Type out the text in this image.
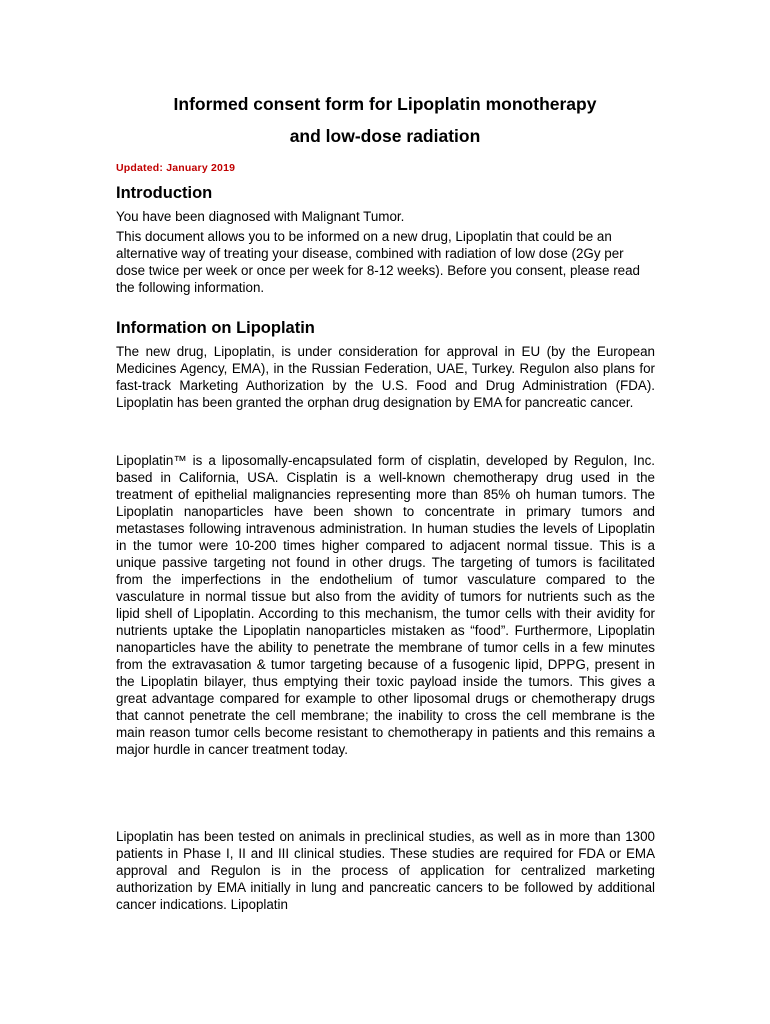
Informed consent form for Lipoplatin monotherapy
and low-dose radiation
Updated: January 2019
Introduction

You have been diagnosed with Malignant Tumor.

This document allows you to be informed on a new drug, Lipoplatin that could be an alternative way of treating your disease, combined with radiation of low dose (2Gy per dose twice per week or once per week for 8-12 weeks). Before you consent, please read the following information.

Information on Lipoplatin

The new drug, Lipoplatin, is under consideration for approval in EU (by the European Medicines Agency, EMA), in the Russian Federation, UAE, Turkey. Regulon also plans for fast-track Marketing Authorization by the U.S. Food and Drug Administration (FDA). Lipoplatin has been granted the orphan drug designation by EMA for pancreatic cancer.

Lipoplatin™ is a liposomally-encapsulated form of cisplatin, developed by Regulon, Inc. based in California, USA. Cisplatin is a well-known chemotherapy drug used in the treatment of epithelial malignancies representing more than 85% oh human tumors. The Lipoplatin nanoparticles have been shown to concentrate in primary tumors and metastases following intravenous administration. In human studies the levels of Lipoplatin in the tumor were 10-200 times higher compared to adjacent normal tissue. This is a unique passive targeting not found in other drugs. The targeting of tumors is facilitated from the imperfections in the endothelium of tumor vasculature compared to the vasculature in normal tissue but also from the avidity of tumors for nutrients such as the lipid shell of Lipoplatin. According to this mechanism, the tumor cells with their avidity for nutrients uptake the Lipoplatin nanoparticles mistaken as “food”. Furthermore, Lipoplatin nanoparticles have the ability to penetrate the membrane of tumor cells in a few minutes from the extravasation & tumor targeting because of a fusogenic lipid, DPPG, present in the Lipoplatin bilayer, thus emptying their toxic payload inside the tumors. This gives a great advantage compared for example to other liposomal drugs or chemotherapy drugs that cannot penetrate the cell membrane; the inability to cross the cell membrane is the main reason tumor cells become resistant to chemotherapy in patients and this remains a major hurdle in cancer treatment today.

Lipoplatin has been tested on animals in preclinical studies, as well as in more than 1300 patients in Phase I, II and III clinical studies. These studies are required for FDA or EMA approval and Regulon is in the process of application for centralized marketing authorization by EMA initially in lung and pancreatic cancers to be followed by additional cancer indications. Lipoplatin
